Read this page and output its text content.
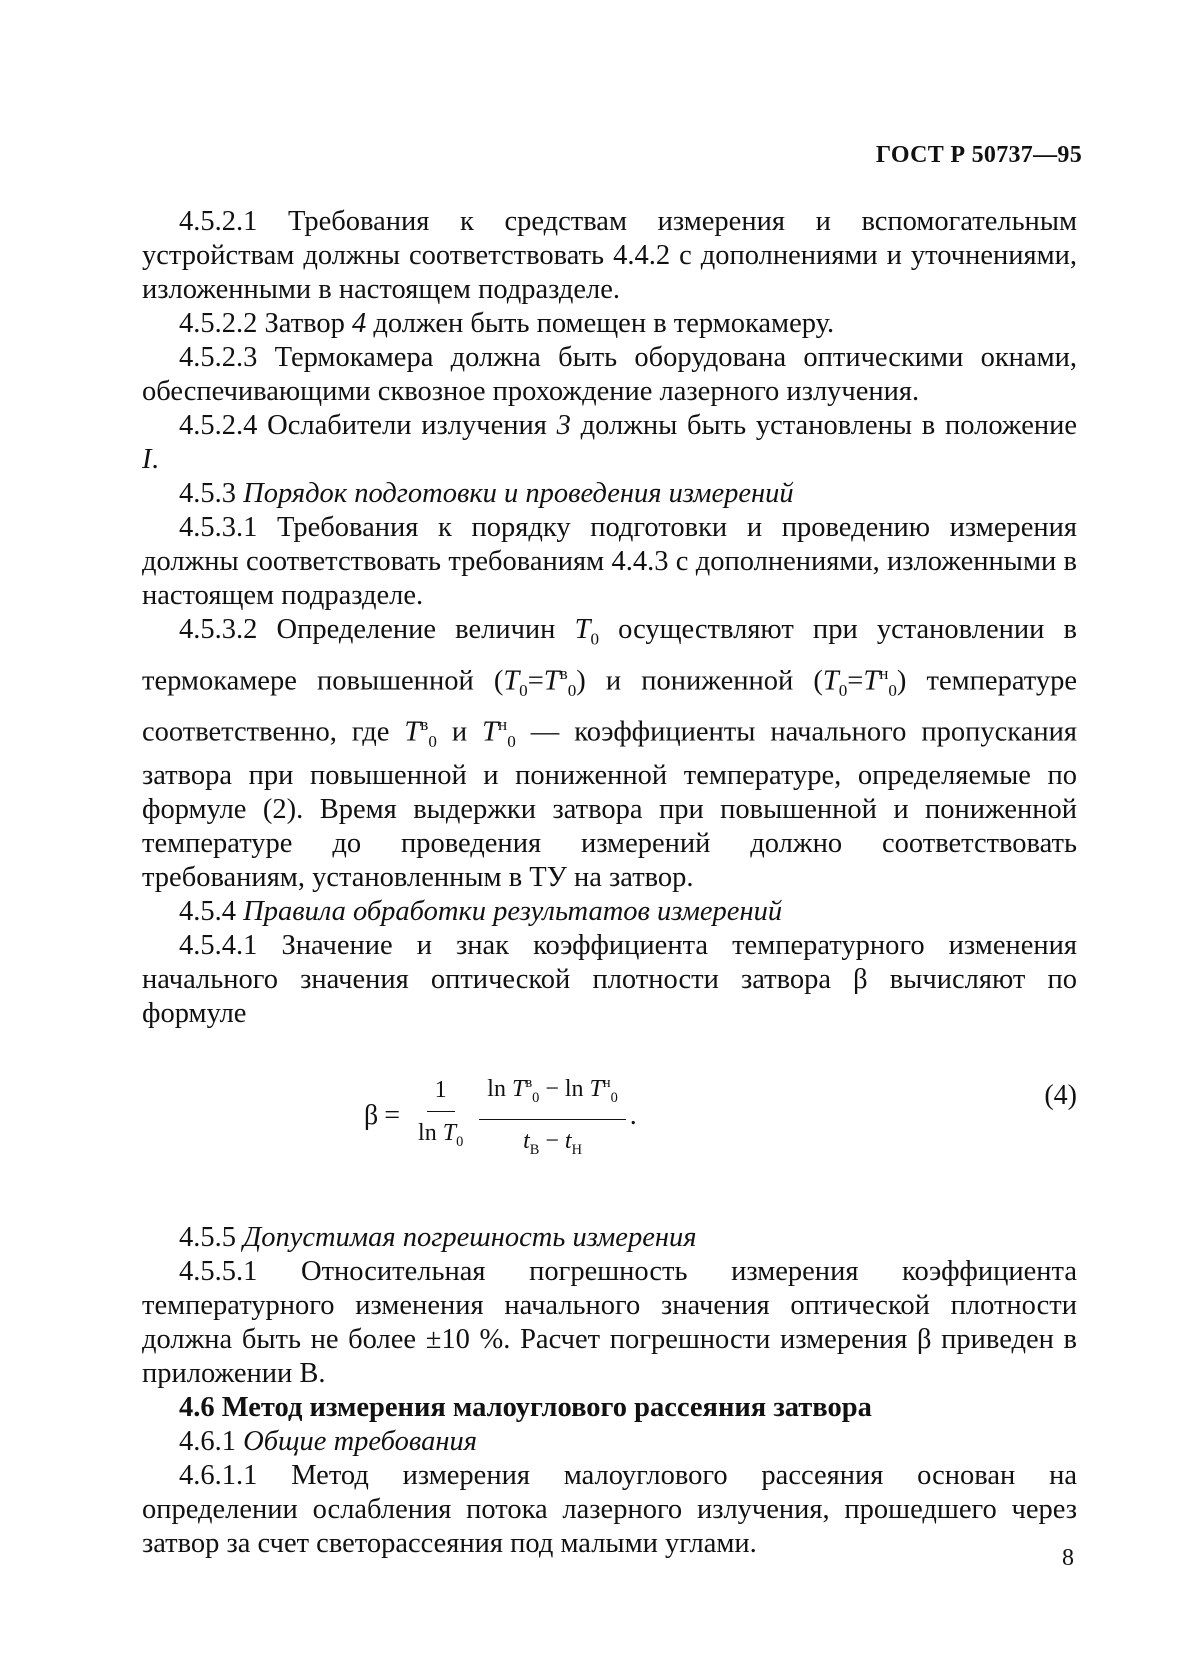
ГОСТ Р 50737—95

4.5.2.1 Требования к средствам измерения и вспомогательным устройствам должны соответствовать 4.4.2 с дополнениями и уточнениями, изложенными в настоящем подразделе.

4.5.2.2 Затвор 4 должен быть помещен в термокамеру.

4.5.2.3 Термокамера должна быть оборудована оптическими окнами, обеспечивающими сквозное прохождение лазерного излучения.

4.5.2.4 Ослабители излучения 3 должны быть установлены в положение I.

4.5.3 Порядок подготовки и проведения измерений

4.5.3.1 Требования к порядку подготовки и проведению измерения должны соответствовать требованиям 4.4.3 с дополнениями, изложенными в настоящем подразделе.

4.5.3.2 Определение величин $T_0$ осуществляют при установлении в термокамере повышенной $(T_0=T^в_0)$ и пониженной $(T_0=T^н_0)$ температуре соответственно, где $T^в_0$ и $T^н_0$ — коэффициенты начального пропускания затвора при повышенной и пониженной температуре, определяемые по формуле (2). Время выдержки затвора при повышенной и пониженной температуре до проведения измерений должно соответствовать требованиям, установленным в ТУ на затвор.

4.5.4 Правила обработки результатов измерений

4.5.4.1 Значение и знак коэффициента температурного изменения начального значения оптической плотности затвора β вычисляют по формуле

$\beta = \frac{1}{\ln T_0} \frac{\ln T^в_0 - \ln T^н_0}{t_В - t_Н}$ .
(4)

4.5.5 Допустимая погрешность измерения

4.5.5.1 Относительная погрешность измерения коэффициента температурного изменения начального значения оптической плотности должна быть не более ±10 %. Расчет погрешности измерения β приведен в приложении В.

4.6 Метод измерения малоуглового рассеяния затвора

4.6.1 Общие требования

4.6.1.1 Метод измерения малоуглового рассеяния основан на определении ослабления потока лазерного излучения, прошедшего через затвор за счет светорассеяния под малыми углами.	8
